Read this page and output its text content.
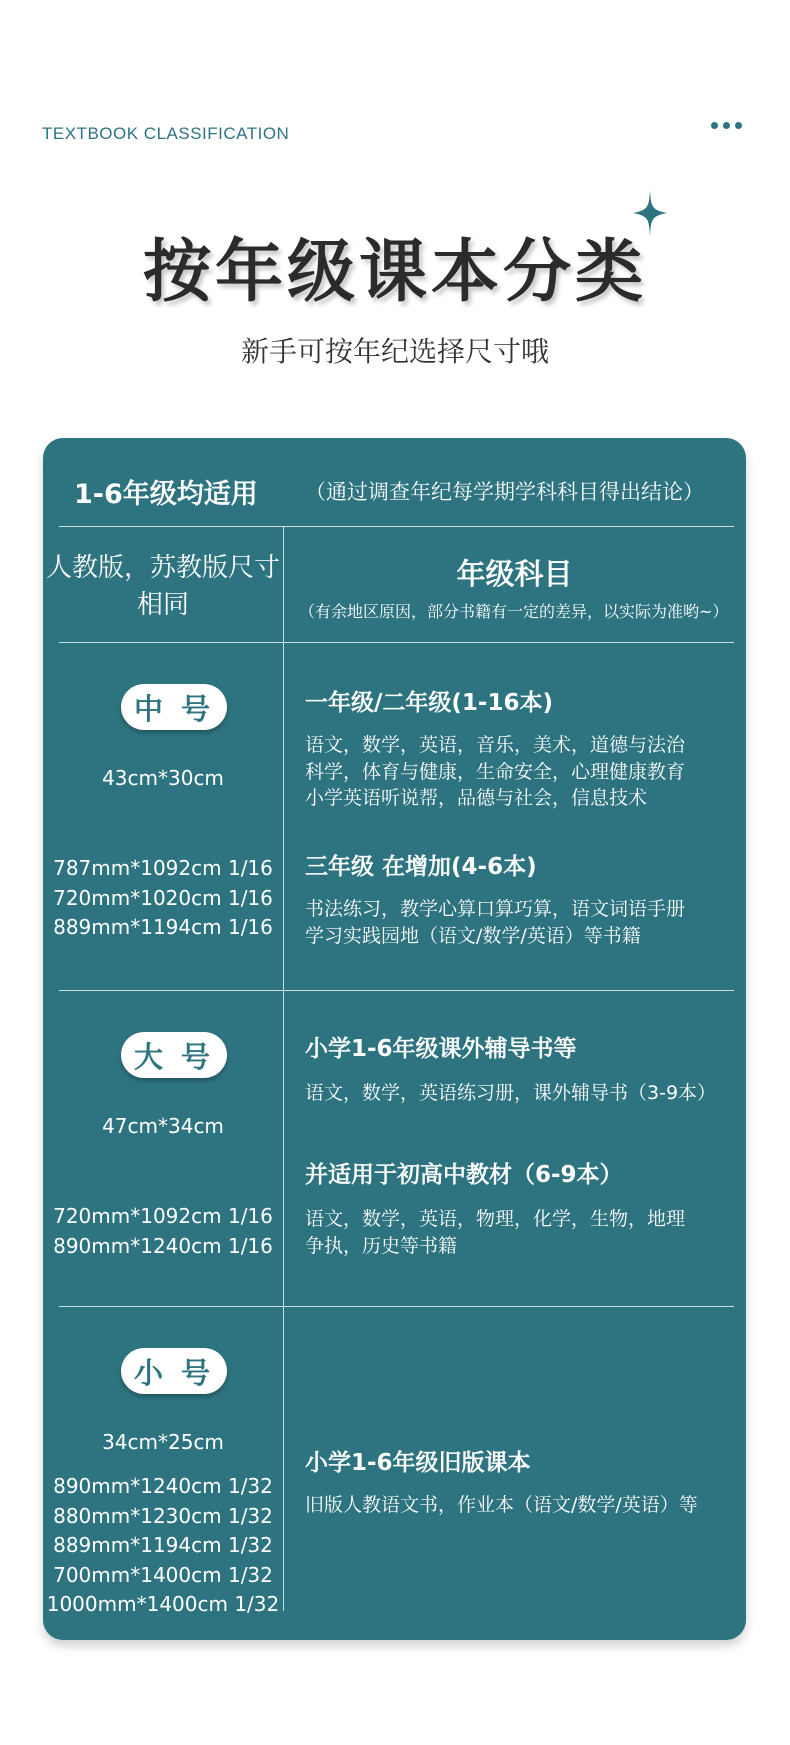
TEXTBOOK CLASSIFICATION
按年级课本分类
新手可按年纪选择尺寸哦
1-6年级均适用 （通过调查年纪每学期学科科目得出结论）
人教版，苏教版尺寸相同
年级科目
（有余地区原因，部分书籍有一定的差异，以实际为准哟~）
中 号
43cm*30cm
787mm*1092cm 1/16
720mm*1020cm 1/16
889mm*1194cm 1/16
一年级/二年级(1-16本)
语文，数学，英语，音乐，美术，道德与法治
科学，体育与健康，生命安全，心理健康教育
小学英语听说帮，品德与社会，信息技术
三年级 在增加(4-6本)
书法练习，教学心算口算巧算，语文词语手册
学习实践园地（语文/数学/英语）等书籍
大 号
47cm*34cm
720mm*1092cm 1/16
890mm*1240cm 1/16
小学1-6年级课外辅导书等
语文，数学，英语练习册，课外辅导书（3-9本）
并适用于初高中教材（6-9本）
语文，数学，英语，物理，化学，生物，地理
争执，历史等书籍
小 号
34cm*25cm
890mm*1240cm 1/32
880mm*1230cm 1/32
889mm*1194cm 1/32
700mm*1400cm 1/32
1000mm*1400cm 1/32
小学1-6年级旧版课本
旧版人教语文书，作业本（语文/数学/英语）等
